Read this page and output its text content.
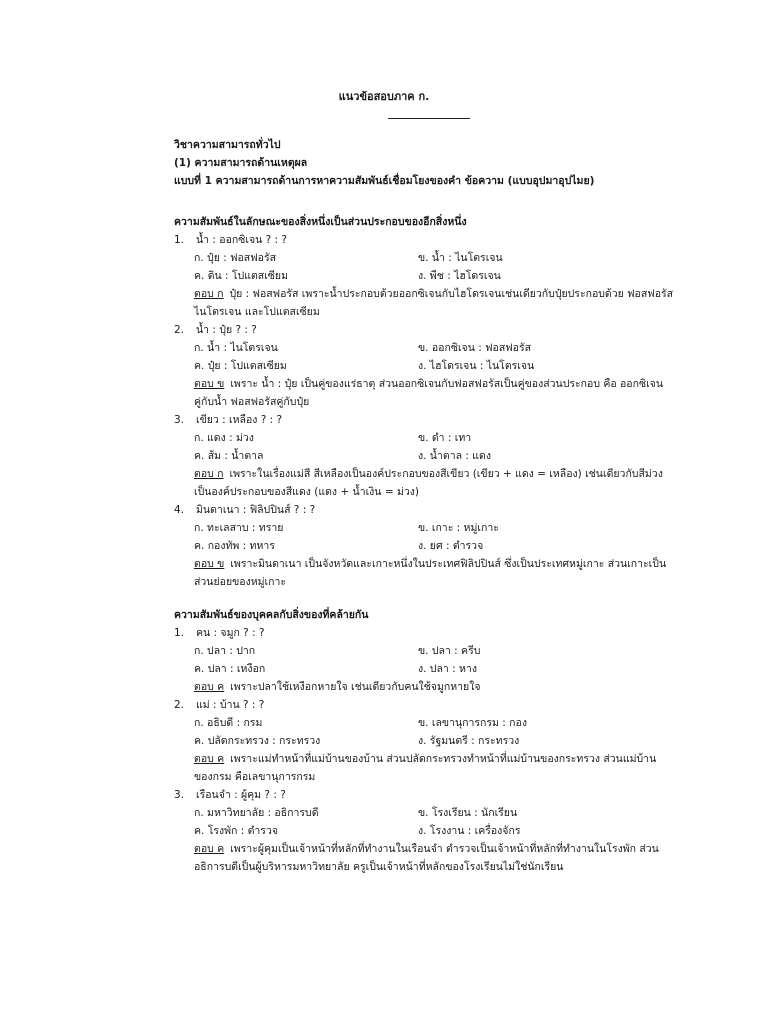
แนวข้อสอบภาค ก.
วิชาความสามารถทั่วไป
(1) ความสามารถด้านเหตุผล
แบบที่ 1 ความสามารถด้านการหาความสัมพันธ์เชื่อมโยงของคำ ข้อความ (แบบอุปมาอุปไมย)
ความสัมพันธ์ในลักษณะของสิ่งหนึ่งเป็นส่วนประกอบของอีกสิ่งหนึ่ง
1. น้ำ : ออกซิเจน ? : ?
ก. ปุ๋ย : ฟอสฟอรัส	ข. น้ำ : ไนโตรเจน
ค. ดิน : โปแตสเซียม	ง. พืช : ไฮโดรเจน

ตอบ ก ปุ๋ย : ฟอสฟอรัส เพราะน้ำประกอบด้วยออกซิเจนกับไฮโดรเจนเช่นเดียวกับปุ๋ยประกอบด้วย ฟอสฟอรัส

ไนโตรเจน และโปแตสเซียม

2. น้ำ : ปุ๋ย ? : ?
ก. น้ำ : ไนโตรเจน	ข. ออกซิเจน : ฟอสฟอรัส
ค. ปุ๋ย : โปแตสเซียม	ง. ไฮโดรเจน : ไนโตรเจน

ตอบ ข เพราะ น้ำ : ปุ๋ย เป็นคู่ของแร่ธาตุ ส่วนออกซิเจนกับฟอสฟอรัสเป็นคู่ของส่วนประกอบ คือ ออกซิเจน

คู่กับน้ำ ฟอสฟอรัสคู่กับปุ๋ย

3. เขียว : เหลือง ? : ?
ก. แดง : ม่วง	ข. ดำ : เทา
ค. ส้ม : น้ำตาล	ง. น้ำตาล : แดง

ตอบ ก เพราะในเรื่องแม่สี สีเหลืองเป็นองค์ประกอบของสีเขียว (เขียว + แดง = เหลือง) เช่นเดียวกับสีม่วง

เป็นองค์ประกอบของสีแดง (แดง + น้ำเงิน = ม่วง)

4. มินดาเนา : ฟิลิปปินส์ ? : ?
ก. ทะเลสาบ : ทราย	ข. เกาะ : หมู่เกาะ
ค. กองทัพ : ทหาร	ง. ยศ : ตำรวจ

ตอบ ข เพราะมินดาเนา เป็นจังหวัดและเกาะหนึ่งในประเทศฟิลิปปินส์ ซึ่งเป็นประเทศหมู่เกาะ ส่วนเกาะเป็น

ส่วนย่อยของหมู่เกาะ

ความสัมพันธ์ของบุคคลกับสิ่งของที่คล้ายกัน
1. คน : จมูก ? : ?
ก. ปลา : ปาก	ข. ปลา : ครีบ
ค. ปลา : เหงือก	ง. ปลา : หาง

ตอบ ค เพราะปลาใช้เหงือกหายใจ เช่นเดียวกับคนใช้จมูกหายใจ

2. แม่ : บ้าน ? : ?
ก. อธิบดี : กรม	ข. เลขานุการกรม : กอง
ค. ปลัดกระทรวง : กระทรวง	ง. รัฐมนตรี : กระทรวง

ตอบ ค เพราะแม่ทำหน้าที่แม่บ้านของบ้าน ส่วนปลัดกระทรวงทำหน้าที่แม่บ้านของกระทรวง ส่วนแม่บ้าน

ของกรม คือเลขานุการกรม

3. เรือนจำ : ผู้คุม ? : ?
ก. มหาวิทยาลัย : อธิการบดี	ข. โรงเรียน : นักเรียน
ค. โรงพัก : ตำรวจ	ง. โรงงาน : เครื่องจักร

ตอบ ค เพราะผู้คุมเป็นเจ้าหน้าที่หลักที่ทำงานในเรือนจำ ตำรวจเป็นเจ้าหน้าที่หลักที่ทำงานในโรงพัก ส่วน

อธิการบดีเป็นผู้บริหารมหาวิทยาลัย ครูเป็นเจ้าหน้าที่หลักของโรงเรียนไม่ใช่นักเรียน
